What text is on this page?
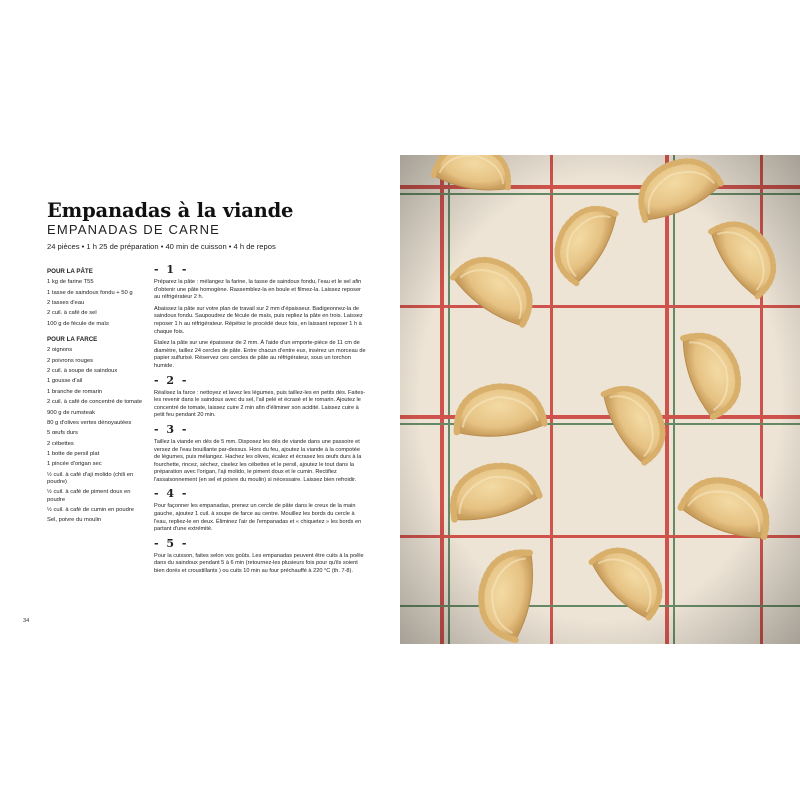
Empanadas à la viande
EMPANADAS DE CARNE
24 pièces • 1 h 25 de préparation • 40 min de cuisson • 4 h de repos
POUR LA PÂTE
1 kg de farine T55
1 tasse de saindoux fondu + 50 g
2 tasses d'eau
2 cuil. à café de sel
100 g de fécule de maïs
POUR LA FARCE
2 oignons
2 poivrons rouges
2 cuil. à soupe de saindoux
1 gousse d'ail
1 branche de romarin
2 cuil. à café de concentré de tomate
900 g de rumsteak
80 g d'olives vertes dénoyautées
5 œufs durs
2 cébettes
1 botte de persil plat
1 pincée d'origan sec
½ cuil. à café d'aji molido (chili en poudre)
½ cuil. à café de piment doux en poudre
½ cuil. à café de cumin en poudre
Sel, poivre du moulin
- 1 -

Préparez la pâte : mélangez la farine, la tasse de saindoux fondu, l'eau et le sel afin d'obtenir une pâte homogène. Rassemblez-la en boule et filmez-la. Laissez reposer au réfrigérateur 2 h.

Abaissez la pâte sur votre plan de travail sur 2 mm d'épaisseur. Badigeonnez-la de saindoux fondu. Saupoudrez de fécule de maïs, puis repliez la pâte en trois. Laissez reposer 1 h au réfrigérateur. Répétez le procédé deux fois, en laissant reposer 1 h à chaque fois.

Étalez la pâte sur une épaisseur de 2 mm. À l'aide d'un emporte-pièce de 11 cm de diamètre, taillez 24 cercles de pâte. Entre chacun d'entre eux, insérez un morceau de papier sulfurisé. Réservez ces cercles de pâte au réfrigérateur, sous un torchon humide.

- 2 -

Réalisez la farce : nettoyez et lavez les légumes, puis taillez-les en petits dés. Faites-les revenir dans le saindoux avec du sel, l'ail pelé et écrasé et le romarin. Ajoutez le concentré de tomate, laissez cuire 2 min afin d'éliminer son acidité. Laissez cuire à petit feu pendant 20 min.

- 3 -

Taillez la viande en dés de 5 mm. Disposez les dés de viande dans une passoire et versez de l'eau bouillante par-dessus. Hors du feu, ajoutez la viande à la compotée de légumes, puis mélangez. Hachez les olives, écalez et écrasez les œufs durs à la fourchette, rincez, séchez, ciselez les cébettes et le persil, ajoutez le tout dans la préparation avec l'origan, l'aji molido, le piment doux et le cumin. Rectifiez l'assaisonnement (en sel et poivre du moulin) si nécessaire. Laissez bien refroidir.

- 4 -

Pour façonner les empanadas, prenez un cercle de pâte dans le creux de la main gauche, ajoutez 1 cuil. à soupe de farce au centre. Mouillez les bords du cercle à l'eau, repliez-le en deux. Éliminez l'air de l'empanadas et « chiquetez » les bords en partant d'une extrémité.

- 5 -

Pour la cuisson, faites selon vos goûts. Les empanadas peuvent être cuits à la poêle dans du saindoux pendant 5 à 6 min (retournez-les plusieurs fois pour qu'ils soient bien dorés et croustillants ) ou cuits 10 min au four préchauffé à 220 °C (th. 7-8).

34
